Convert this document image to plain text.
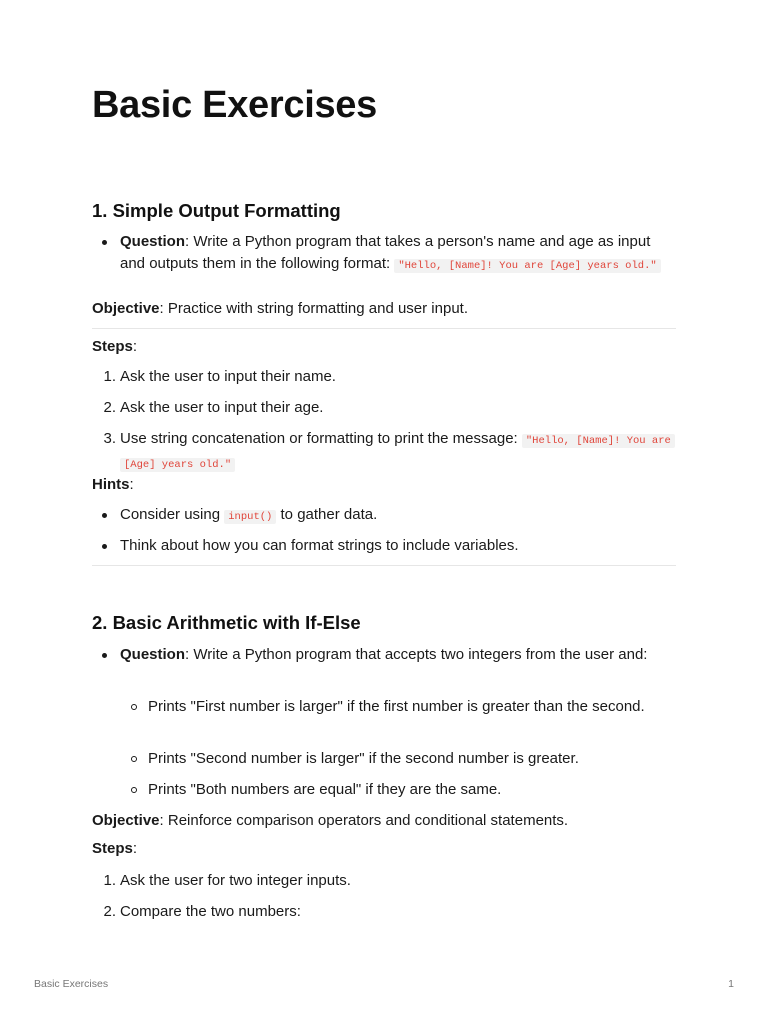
Basic Exercises
1. Simple Output Formatting
Question: Write a Python program that takes a person's name and age as input and outputs them in the following format: "Hello, [Name]! You are [Age] years old."
Objective: Practice with string formatting and user input.
Steps:
1. Ask the user to input their name.
2. Ask the user to input their age.
3. Use string concatenation or formatting to print the message: "Hello, [Name]! You are [Age] years old."
Hints:
Consider using input() to gather data.
Think about how you can format strings to include variables.
2. Basic Arithmetic with If-Else
Question: Write a Python program that accepts two integers from the user and:
Prints "First number is larger" if the first number is greater than the second.
Prints "Second number is larger" if the second number is greater.
Prints "Both numbers are equal" if they are the same.
Objective: Reinforce comparison operators and conditional statements.
Steps:
1. Ask the user for two integer inputs.
2. Compare the two numbers:
Basic Exercises	1
